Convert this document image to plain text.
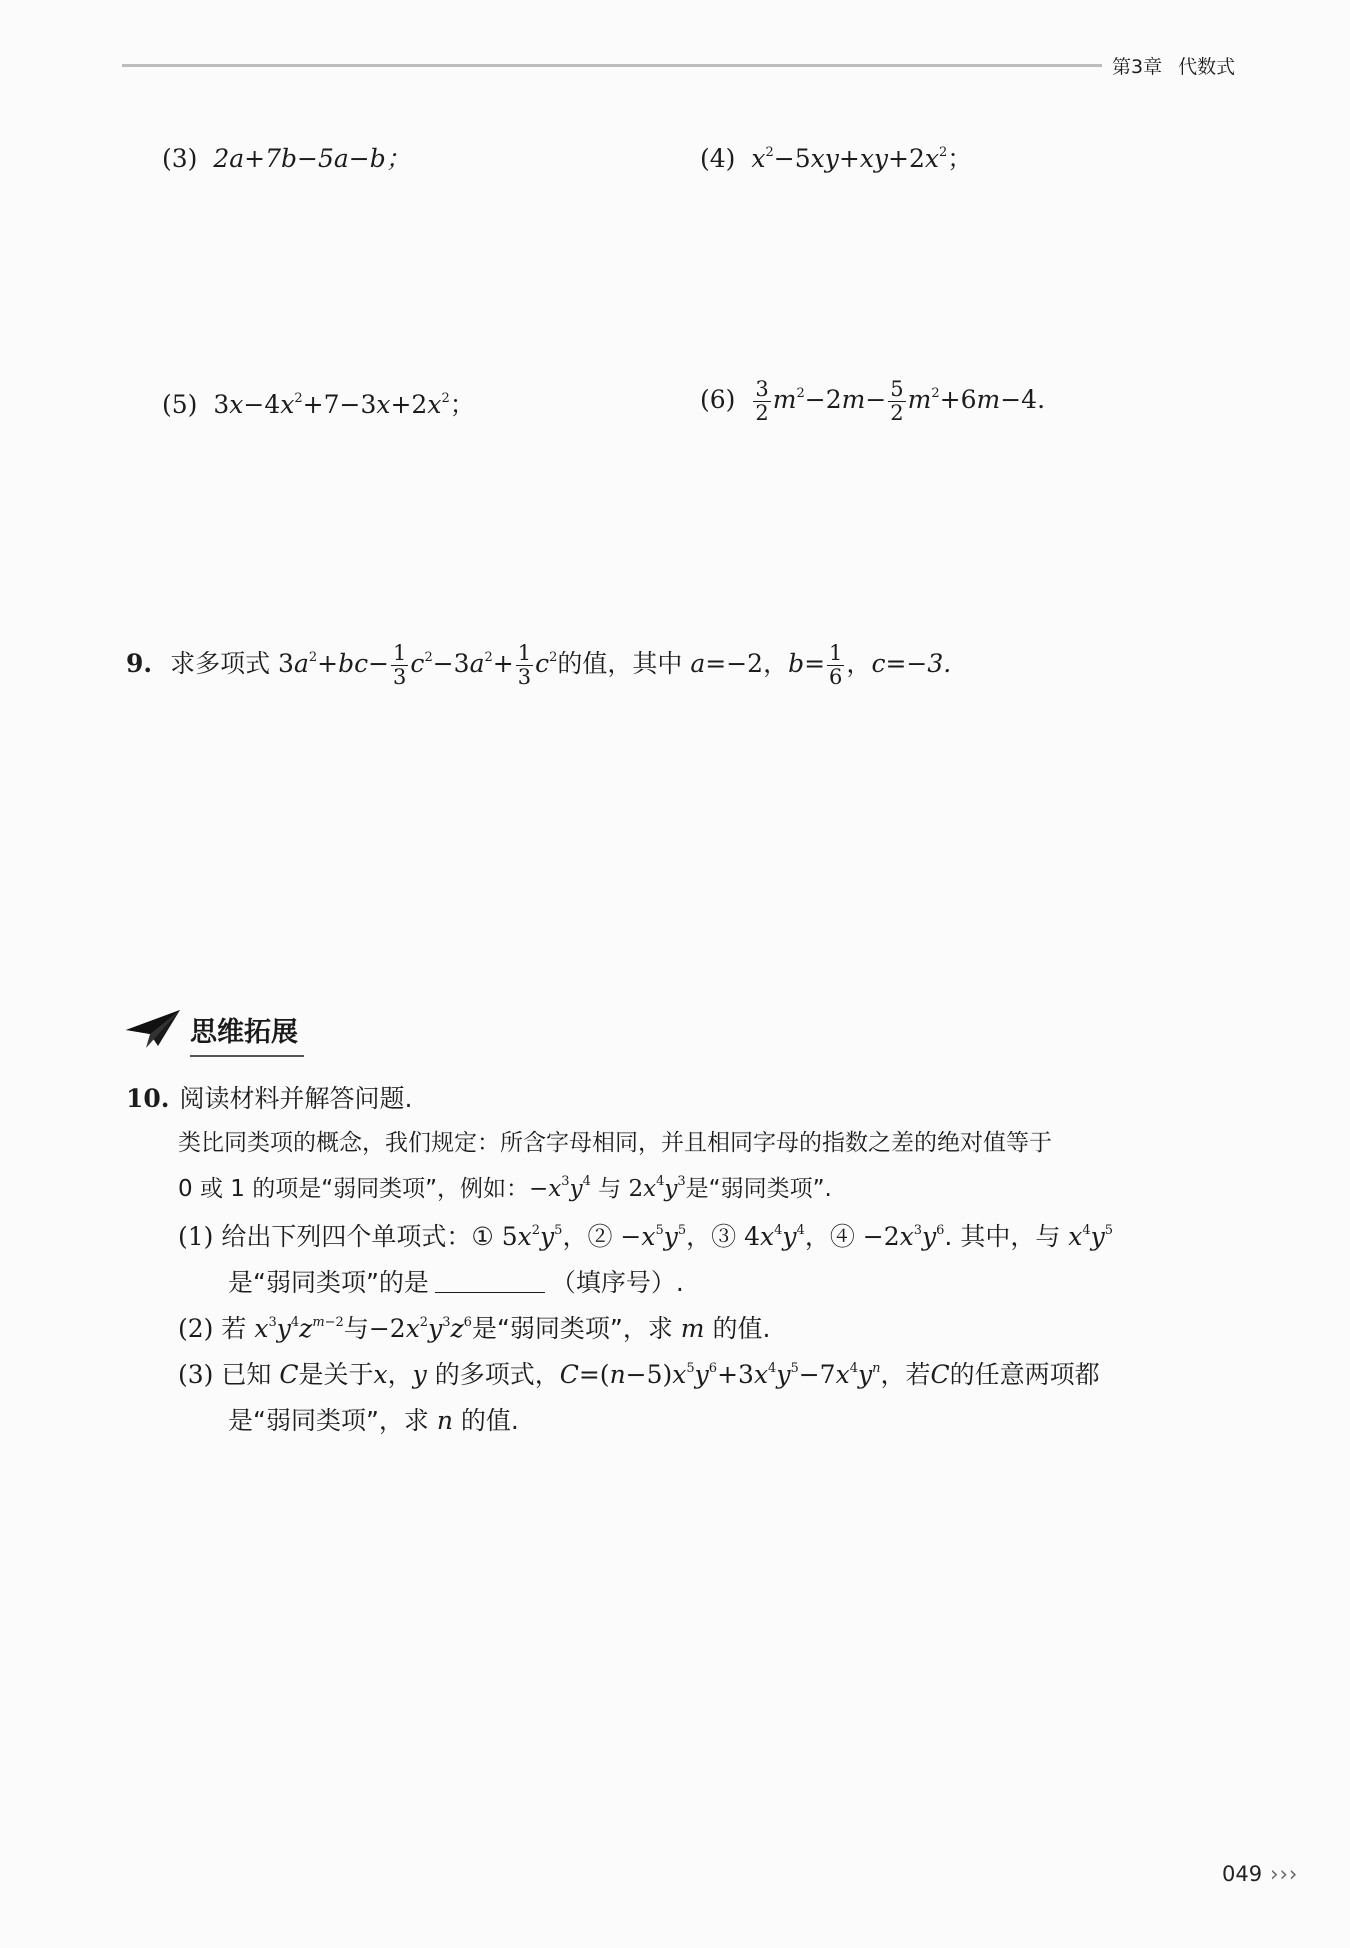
第3章 代数式
(3) 2a+7b−5a−b；	(4) $x^2-5xy+xy+2x^2$；
(5) $3x-4x^2+7-3x+2x^2$；	$(6) \frac{3}{2} m^2-2m- \frac{5}{2} m^2+6m-4$.
9. 求多项式 $3a^2+bc- \frac{1}{3} c^2-3a^2+ \frac{1}{3} c^2$的值，其中 a=−2，$b= \frac{1}{6}$ ，c=−3.
思维拓展
10. 阅读材料并解答问题.
类比同类项的概念，我们规定：所含字母相同，并且相同字母的指数之差的绝对值等于
0 或 1 的项是“弱同类项”，例如：$-x^3y^4$ 与 $2x^4y^3$是“弱同类项”.
(1) 给出下列四个单项式：① $5x^2y^5$，② $-x^5y^5$，③ $4x^4y^4$，④ $-2x^3y^6$. 其中，与 $x^4y^5$
是“弱同类项”的是	（填序号）.
(2) 若 $x^3y^4z^{m-2}$与$-2x^2y^3z^6$是“弱同类项”，求 m 的值.
(3) 已知 C是关于x，y 的多项式，$C=(n-5)x^5y^6+3x^4y^5-7x^4y^n$，若C的任意两项都
是“弱同类项”，求 n 的值.
049 ›››
